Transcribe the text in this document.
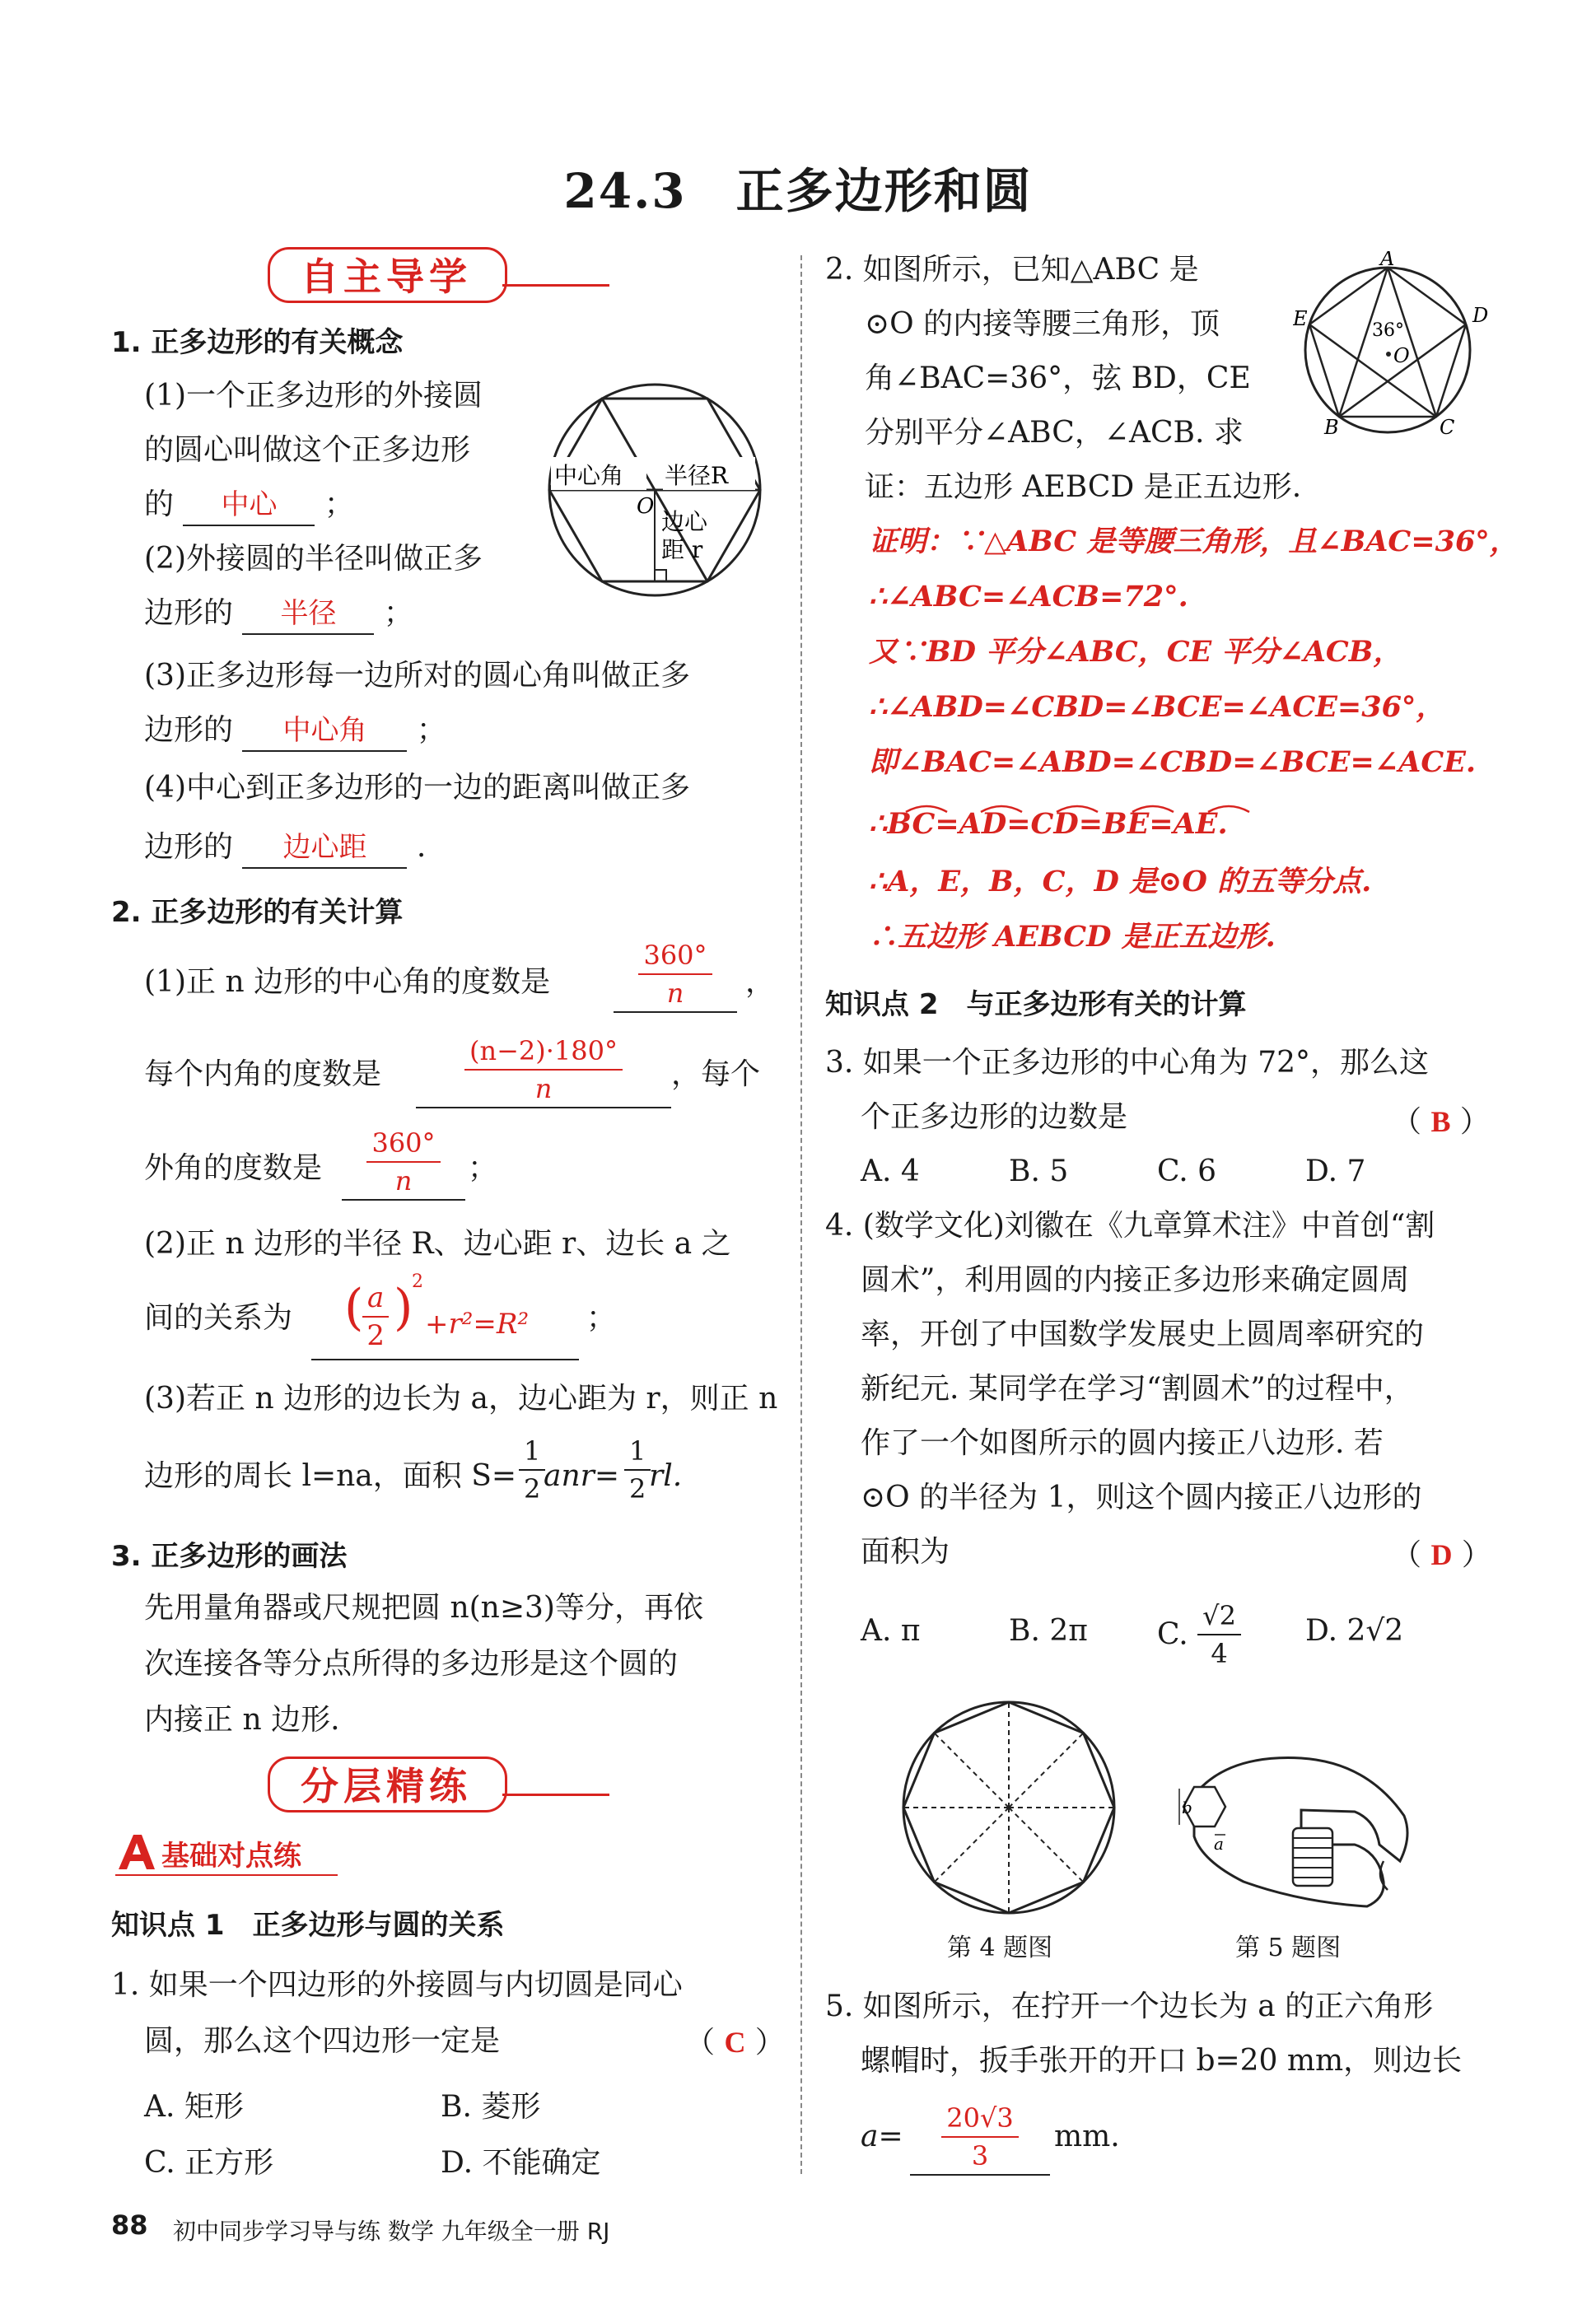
24.3　正多边形和圆
自主导学
1. 正多边形的有关概念
(1)一个正多边形的外接圆
的圆心叫做这个正多边形
的 中心 ；
(2)外接圆的半径叫做正多
边形的 半径 ；
(3)正多边形每一边所对的圆心角叫做正多
边形的 中心角 ；
(4)中心到正多边形的一边的距离叫做正多
边形的 边心距 .
中心角 半径R
O
边心
距 r
2. 正多边形的有关计算
(1)正 n 边形的中心角的度数是	$\frac{360^\circ}{n}$ ，
每个内角的度数是	$\frac{(n-2)\cdot 180^\circ}{n}$ ，每个
外角的度数是 $\frac{360^\circ}{n}$ ；
(2)正 n 边形的半径 R、边心距 r、边长 a 之
间的关系为 (
$\frac{a}{2}$ )
2
+r²=R² ；
(3)若正 n 边形的边长为 a，边心距为 r，则正 n
边形的周长 l=na，面积 $S= \frac{1}{2}$
$anr= \frac{1}{2}$
rl.
3. 正多边形的画法
先用量角器或尺规把圆 n(n≥3)等分，再依
次连接各等分点所得的多边形是这个圆的
内接正 n 边形.
分层精练
基础对点练
知识点 1　正多边形与圆的关系
1. 如果一个四边形的外接圆与内切圆是同心
圆，那么这个四边形一定是	（ C ）
A. 矩形	B. 菱形
C. 正方形	D. 不能确定
88 初中同步学习导与练 数学 九年级全一册 RJ
2. 如图所示，已知△ABC 是
⊙O 的内接等腰三角形，顶
角∠BAC=36°，弦 BD，CE
分别平分∠ABC，∠ACB. 求
证：五边形 AEBCD 是正五边形.
A
D
E
B	C
O
36°
证明：∵△ABC 是等腰三角形，且∠BAC=36°，
∴∠ABC=∠ACB=72°.
又∵BD 平分∠ABC，CE 平分∠ACB，
∴∠ABD=∠CBD=∠BCE=∠ACE=36°，
即∠BAC=∠ABD=∠CBD=∠BCE=∠ACE.
∴BC=AD=CD=BE=AE.
∴A，E，B，C，D 是⊙O 的五等分点.
∴五边形 AEBCD 是正五边形.
知识点 2　与正多边形有关的计算
3. 如果一个正多边形的中心角为 72°，那么这
个正多边形的边数是	（ B ）
A. 4	B. 5	C. 6	D. 7
4. (数学文化)刘徽在《九章算术注》中首创“割
圆术”，利用圆的内接正多边形来确定圆周
率，开创了中国数学发展史上圆周率研究的
新纪元. 某同学在学习“割圆术”的过程中，
作了一个如图所示的圆内接正八边形. 若
⊙O 的半径为 1，则这个圆内接正八边形的
面积为	（ D ）
A. π	B. 2π C. $\frac{√2}{4} D$. 2√2
b
a
第 4 题图	第 5 题图
5. 如图所示，在拧开一个边长为 a 的正六角形
螺帽时，扳手张开的开口 b=20 mm，则边长
$a= \frac{20√3}{3}$ mm.
